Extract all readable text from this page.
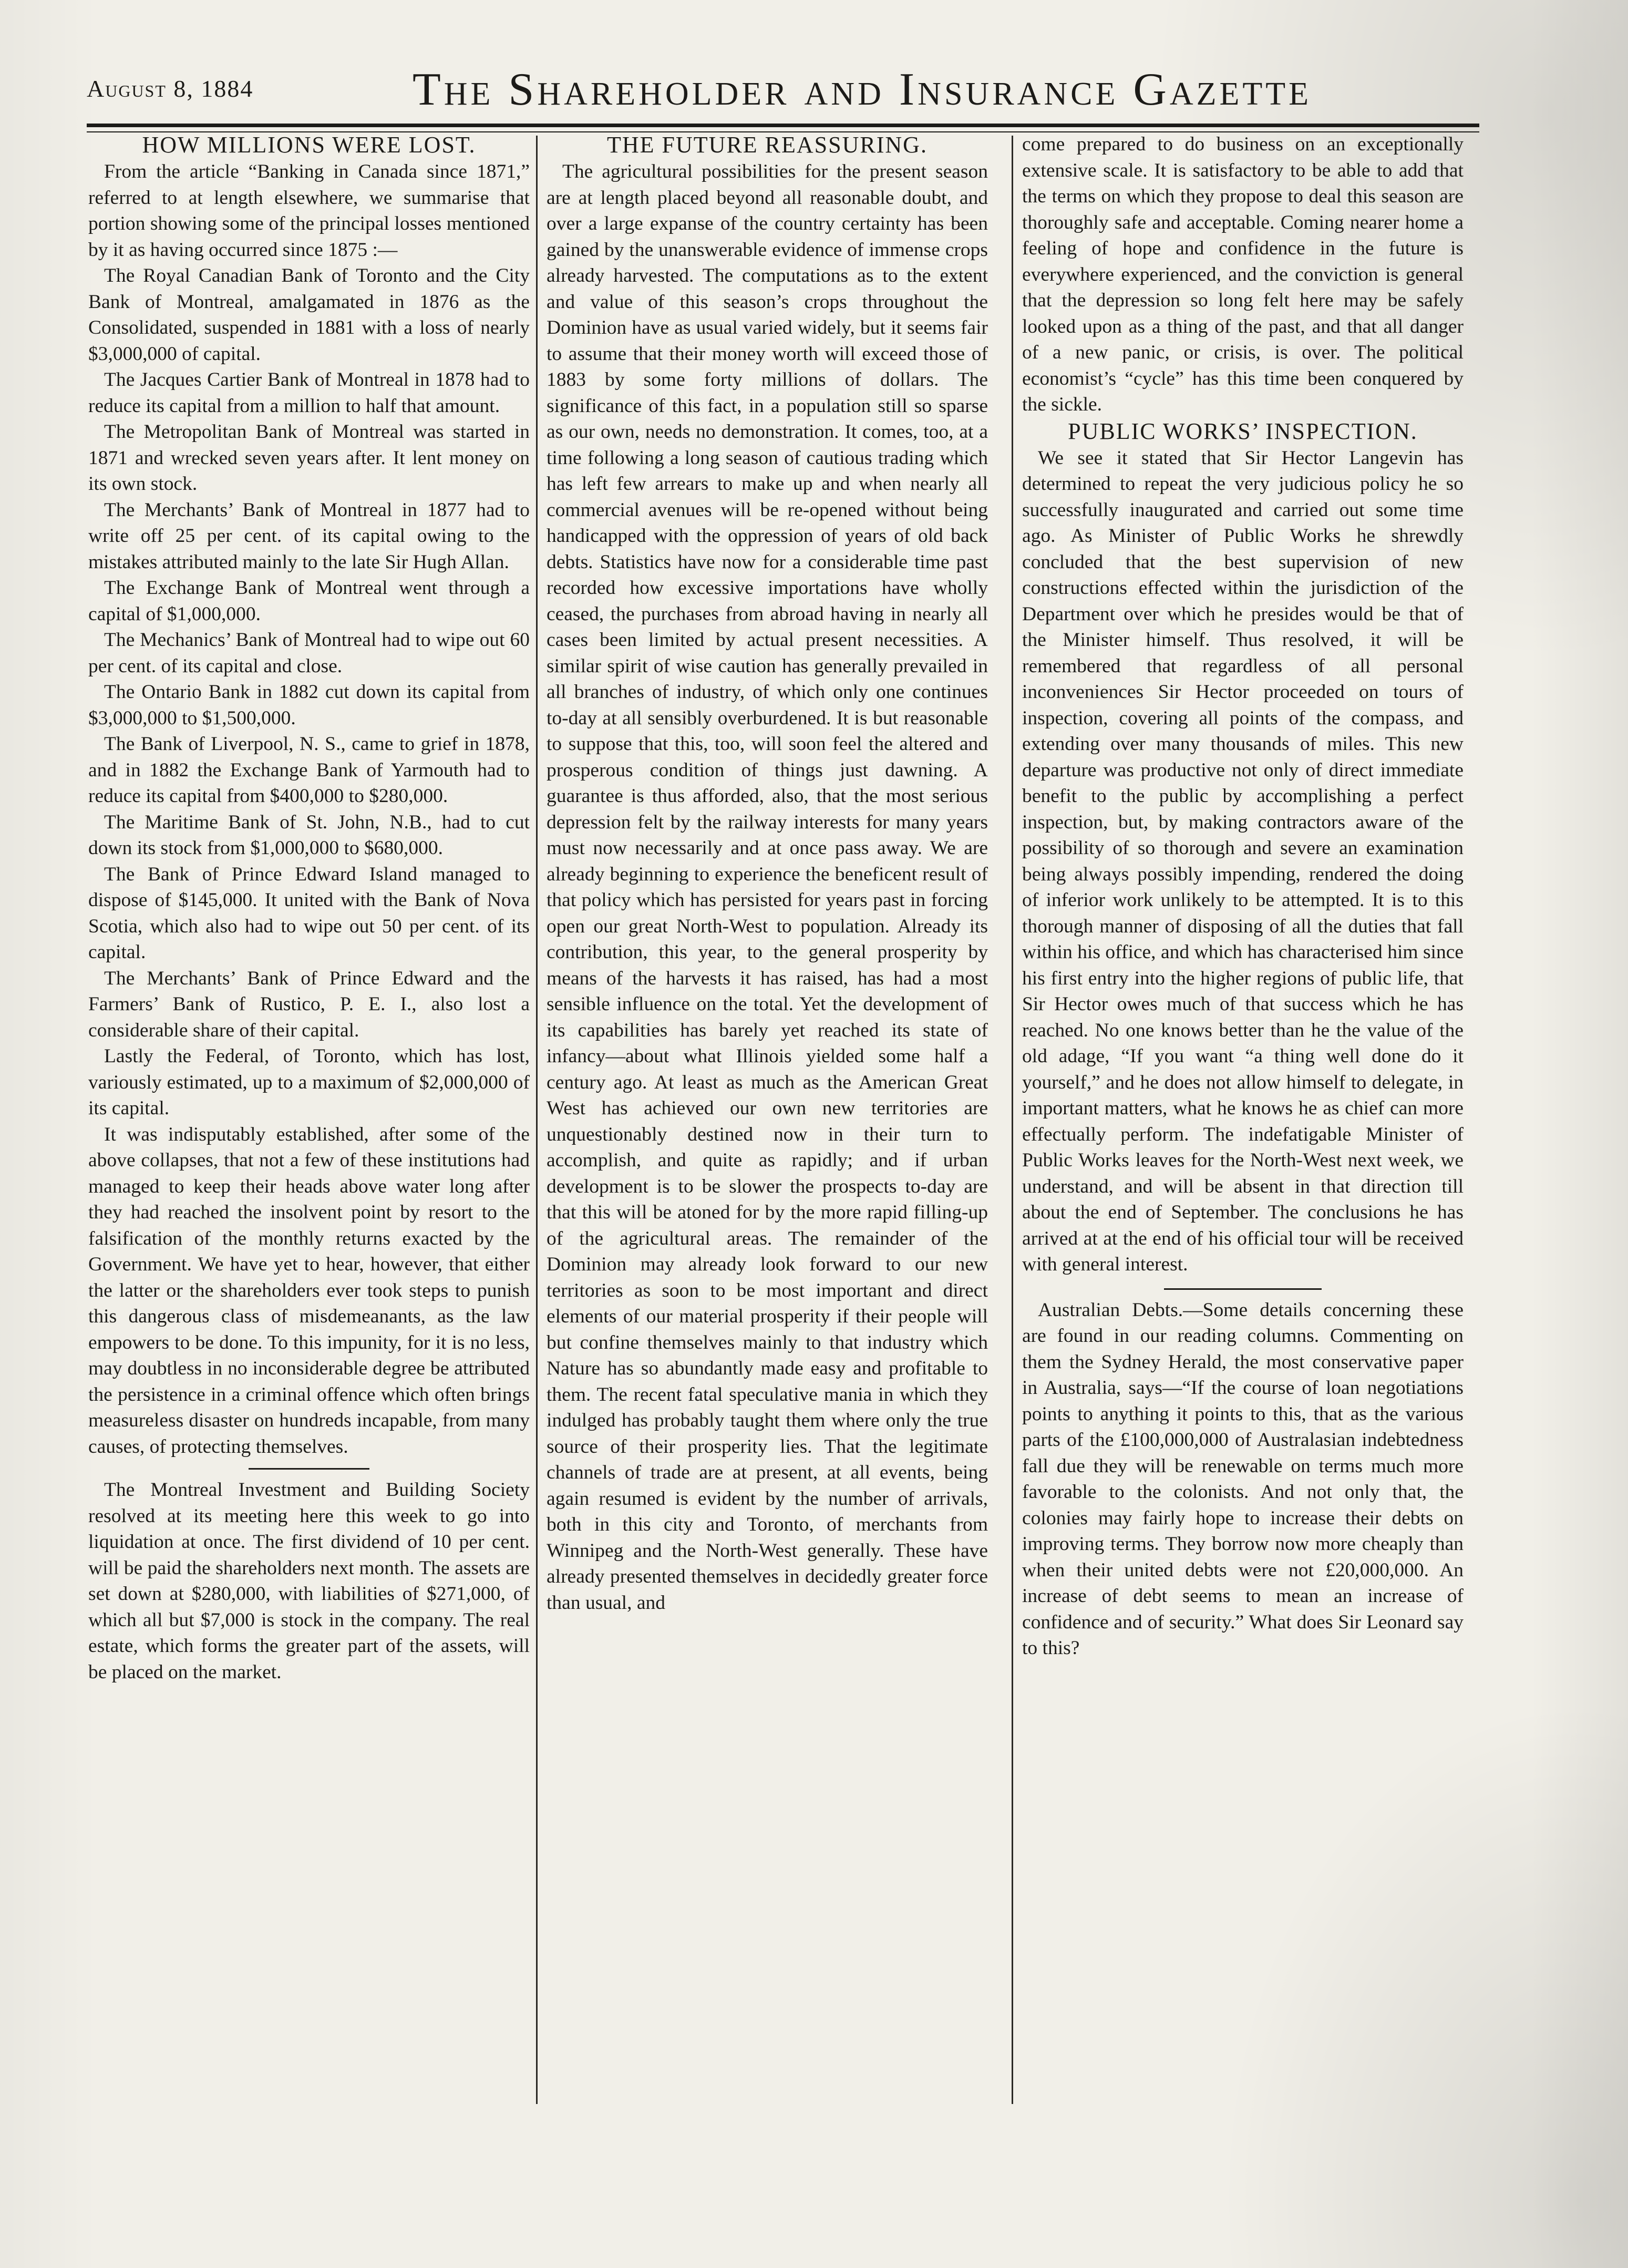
August 8, 1884	The Shareholder and Insurance Gazette
HOW MILLIONS WERE LOST.

From the article “Banking in Canada since 1871,” referred to at length elsewhere, we summarise that portion showing some of the principal losses mentioned by it as having occurred since 1875 :—

The Royal Canadian Bank of Toronto and the City Bank of Montreal, amalgamated in 1876 as the Consolidated, suspended in 1881 with a loss of nearly $3,000,000 of capital.

The Jacques Cartier Bank of Montreal in 1878 had to reduce its capital from a million to half that amount.

The Metropolitan Bank of Montreal was started in 1871 and wrecked seven years after. It lent money on its own stock.

The Merchants’ Bank of Montreal in 1877 had to write off 25 per cent. of its capital owing to the mistakes attributed mainly to the late Sir Hugh Allan.

The Exchange Bank of Montreal went through a capital of $1,000,000.

The Mechanics’ Bank of Montreal had to wipe out 60 per cent. of its capital and close.

The Ontario Bank in 1882 cut down its capital from $3,000,000 to $1,500,000.

The Bank of Liverpool, N. S., came to grief in 1878, and in 1882 the Exchange Bank of Yarmouth had to reduce its capital from $400,000 to $280,000.

The Maritime Bank of St. John, N.B., had to cut down its stock from $1,000,000 to $680,000.

The Bank of Prince Edward Island managed to dispose of $145,000. It united with the Bank of Nova Scotia, which also had to wipe out 50 per cent. of its capital.

The Merchants’ Bank of Prince Edward and the Farmers’ Bank of Rustico, P. E. I., also lost a considerable share of their capital.

Lastly the Federal, of Toronto, which has lost, variously estimated, up to a maximum of $2,000,000 of its capital.

It was indisputably established, after some of the above collapses, that not a few of these institutions had managed to keep their heads above water long after they had reached the insolvent point by resort to the falsification of the monthly returns exacted by the Government. We have yet to hear, however, that either the latter or the shareholders ever took steps to punish this dangerous class of misdemeanants, as the law empowers to be done. To this impunity, for it is no less, may doubtless in no inconsiderable degree be attributed the persistence in a criminal offence which often brings measureless disaster on hundreds incapable, from many causes, of protecting themselves.

The Montreal Investment and Building Society resolved at its meeting here this week to go into liquidation at once. The first dividend of 10 per cent. will be paid the shareholders next month. The assets are set down at $280,000, with liabilities of $271,000, of which all but $7,000 is stock in the company. The real estate, which forms the greater part of the assets, will be placed on the market.

THE FUTURE REASSURING.

The agricultural possibilities for the present season are at length placed beyond all reasonable doubt, and over a large expanse of the country certainty has been gained by the unanswerable evidence of immense crops already harvested. The computations as to the extent and value of this season’s crops throughout the Dominion have as usual varied widely, but it seems fair to assume that their money worth will exceed those of 1883 by some forty millions of dollars. The significance of this fact, in a population still so sparse as our own, needs no demonstration. It comes, too, at a time following a long season of cautious trading which has left few arrears to make up and when nearly all commercial avenues will be re-opened without being handicapped with the oppression of years of old back debts. Statistics have now for a considerable time past recorded how excessive importations have wholly ceased, the purchases from abroad having in nearly all cases been limited by actual present necessities. A similar spirit of wise caution has generally prevailed in all branches of industry, of which only one continues to-day at all sensibly overburdened. It is but reasonable to suppose that this, too, will soon feel the altered and prosperous condition of things just dawning. A guarantee is thus afforded, also, that the most serious depression felt by the railway interests for many years must now necessarily and at once pass away. We are already beginning to experience the beneficent result of that policy which has persisted for years past in forcing open our great North-West to population. Already its contribution, this year, to the general prosperity by means of the harvests it has raised, has had a most sensible influence on the total. Yet the development of its capabilities has barely yet reached its state of infancy—about what Illinois yielded some half a century ago. At least as much as the American Great West has achieved our own new territories are unquestionably destined now in their turn to accomplish, and quite as rapidly; and if urban development is to be slower the prospects to-day are that this will be atoned for by the more rapid filling-up of the agricultural areas. The remainder of the Dominion may already look forward to our new territories as soon to be most important and direct elements of our material prosperity if their people will but confine themselves mainly to that industry which Nature has so abundantly made easy and profitable to them. The recent fatal speculative mania in which they indulged has probably taught them where only the true source of their prosperity lies. That the legitimate channels of trade are at present, at all events, being again resumed is evident by the number of arrivals, both in this city and Toronto, of merchants from Winnipeg and the North-West generally. These have already presented themselves in decidedly greater force than usual, and

come prepared to do business on an exceptionally extensive scale. It is satisfactory to be able to add that the terms on which they propose to deal this season are thoroughly safe and acceptable. Coming nearer home a feeling of hope and confidence in the future is everywhere experienced, and the conviction is general that the depression so long felt here may be safely looked upon as a thing of the past, and that all danger of a new panic, or crisis, is over. The political economist’s “cycle” has this time been conquered by the sickle.

PUBLIC WORKS’ INSPECTION.

We see it stated that Sir Hector Langevin has determined to repeat the very judicious policy he so successfully inaugurated and carried out some time ago. As Minister of Public Works he shrewdly concluded that the best supervision of new constructions effected within the jurisdiction of the Department over which he presides would be that of the Minister himself. Thus resolved, it will be remembered that regardless of all personal inconveniences Sir Hector proceeded on tours of inspection, covering all points of the compass, and extending over many thousands of miles. This new departure was productive not only of direct immediate benefit to the public by accomplishing a perfect inspection, but, by making contractors aware of the possibility of so thorough and severe an examination being always possibly impending, rendered the doing of inferior work unlikely to be attempted. It is to this thorough manner of disposing of all the duties that fall within his office, and which has characterised him since his first entry into the higher regions of public life, that Sir Hector owes much of that success which he has reached. No one knows better than he the value of the old adage, “If you want “a thing well done do it yourself,” and he does not allow himself to delegate, in important matters, what he knows he as chief can more effectually perform. The indefatigable Minister of Public Works leaves for the North-West next week, we understand, and will be absent in that direction till about the end of September. The conclusions he has arrived at at the end of his official tour will be received with general interest.

Australian Debts.—Some details concerning these are found in our reading columns. Commenting on them the Sydney Herald, the most conservative paper in Australia, says—“If the course of loan negotiations points to anything it points to this, that as the various parts of the £100,000,000 of Australasian indebtedness fall due they will be renewable on terms much more favorable to the colonists. And not only that, the colonies may fairly hope to increase their debts on improving terms. They borrow now more cheaply than when their united debts were not £20,000,000. An increase of debt seems to mean an increase of confidence and of security.” What does Sir Leonard say to this?
